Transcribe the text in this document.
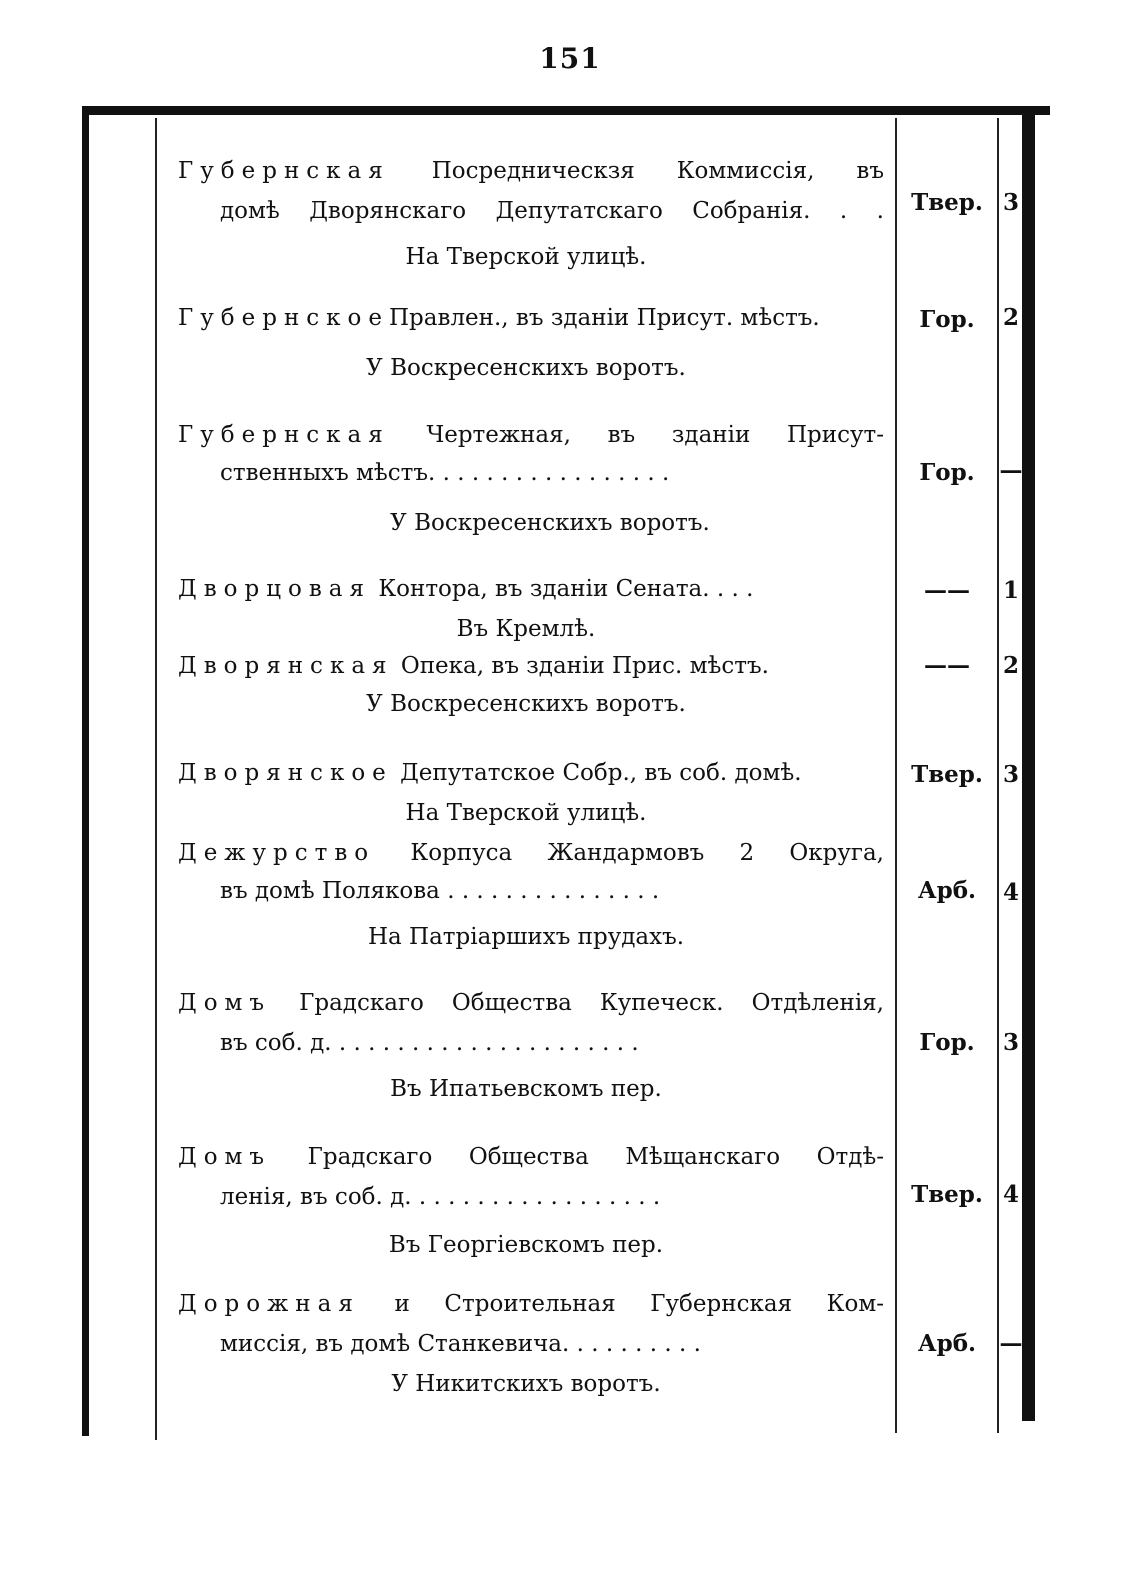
151
Губернская Посредническзя Коммиссія, въ
домѣ Дворянскаго Депутатскаго Собранія. . .
На Тверской улицѣ.
Твер. 3
ГубернскоеПравлен., въ зданіи Присут. мѣстъ.
У Воскресенскихъ воротъ.
Гор.	2
Губернская Чертежная, въ зданіи Присут-
ственныхъ мѣстъ. . . . . . . . . . . . . . . . .
У Воскресенскихъ воротъ.
Гор.	—
Дворцовая Контора, въ зданіи Сената. . . .
Въ Кремлѣ.
——	1
Дворянская Опека, въ зданіи Прис. мѣстъ.
У Воскресенскихъ воротъ.
——	2
Дворянское Депутатское Собр., въ соб. домѣ.
На Тверской улицѣ.
Твер. 3
Дежурство Корпуса Жандармовъ 2 Округа,
въ домѣ Полякова . . . . . . . . . . . . . . .
На Патріаршихъ прудахъ.
Арб.	4
Домъ Градскаго Общества Купеческ. Отдѣленія,
въ соб. д. . . . . . . . . . . . . . . . . . . . . .
Въ Ипатьевскомъ пер.
Гор.	3
Домъ Градскаго Общества Мѣщанскаго Отдѣ-
ленія, въ соб. д. . . . . . . . . . . . . . . . . .
Въ Георгіевскомъ пер.
Твер. 4
Дорожная и Строительная Губернская Ком-
миссія, въ домѣ Станкевича. . . . . . . . . .
У Никитскихъ воротъ.
Арб.	—
